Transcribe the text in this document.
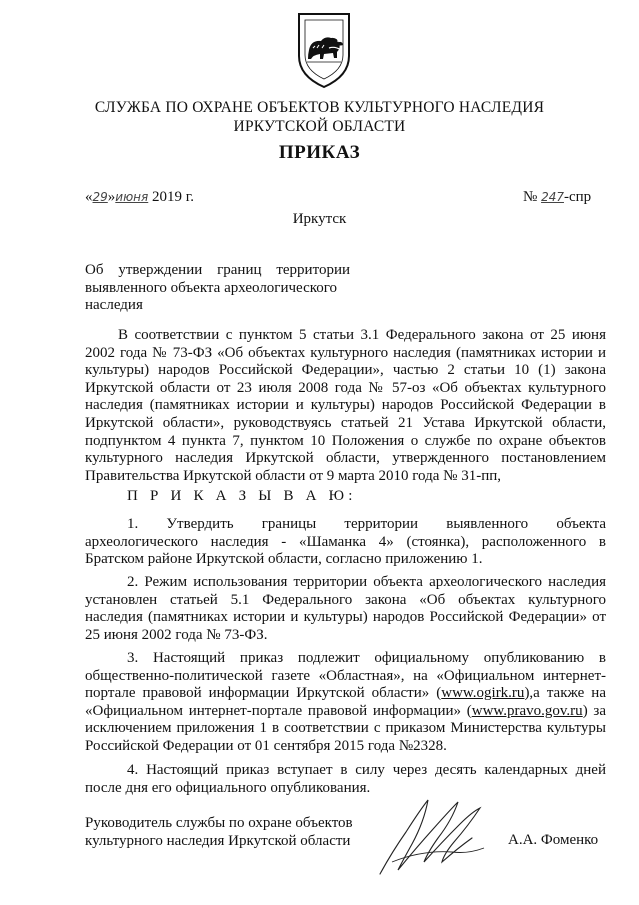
СЛУЖБА ПО ОХРАНЕ ОБЪЕКТОВ КУЛЬТУРНОГО НАСЛЕДИЯ
ИРКУТСКОЙ ОБЛАСТИ
ПРИКАЗ
«29»июня 2019 г.	№ 247-спр
Иркутск
Об утверждении границ территории
выявленного объекта археологического
наследия
В соответствии с пунктом 5 статьи 3.1 Федерального закона от 25 июня
2002 года № 73-ФЗ «Об объектах культурного наследия (памятниках истории и
культуры) народов Российской Федерации», частью 2 статьи 10 (1) закона
Иркутской области от 23 июля 2008 года № 57-оз «Об объектах культурного
наследия (памятниках истории и культуры) народов Российской Федерации в
Иркутской области», руководствуясь статьей 21 Устава Иркутской области,
подпунктом 4 пункта 7, пунктом 10 Положения о службе по охране объектов
культурного наследия Иркутской области, утвержденного постановлением
Правительства Иркутской области от 9 марта 2010 года № 31-пп,
П Р И К А З Ы В А Ю:
1. Утвердить границы территории выявленного объекта
археологического наследия - «Шаманка 4» (стоянка), расположенного в
Братском районе Иркутской области, согласно приложению 1.
2. Режим использования территории объекта археологического наследия
установлен статьей 5.1 Федерального закона «Об объектах культурного
наследия (памятниках истории и культуры) народов Российской Федерации» от
25 июня 2002 года № 73-ФЗ.
3. Настоящий приказ подлежит официальному опубликованию в
общественно-политической газете «Областная», на «Официальном интернет-
портале правовой информации Иркутской области» (www.ogirk.ru),а также на
«Официальном интернет-портале правовой информации» (www.pravo.gov.ru) за
исключением приложения 1 в соответствии с приказом Министерства культуры
Российской Федерации от 01 сентября 2015 года №2328.
4. Настоящий приказ вступает в силу через десять календарных дней
после дня его официального опубликования.
Руководитель службы по охране объектов
культурного наследия Иркутской области	А.А. Фоменко
